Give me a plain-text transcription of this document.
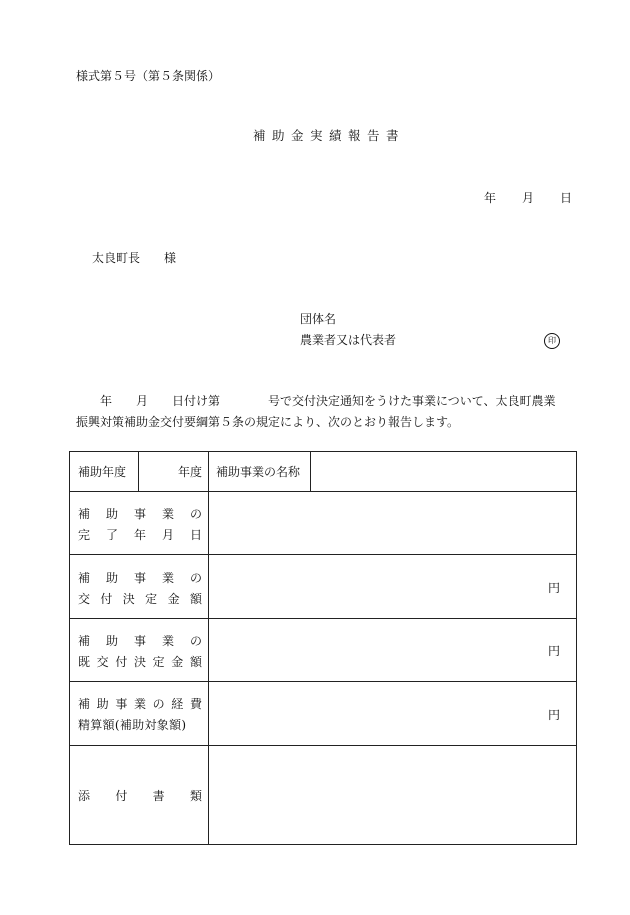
様式第５号（第５条関係）
補助金実績報告書
年 月 日
太良町長　　様
団体名
農業者又は代表者	印
年　　月　　日付け第　　　　号で交付決定通知をうけた事業について、太良町農業
振興対策補助金交付要綱第５条の規定により、次のとおり報告します。
補助年度	年度 補助事業の名称
補 助 事 業 の
完 了 年 月 日
補 助 事 業 の
交 付 決 定 金 額
円
補 助 事 業 の
既 交 付 決 定 金 額
円
補 助 事 業 の 経 費
精算額(補助対象額)
円
添 付 書 類
